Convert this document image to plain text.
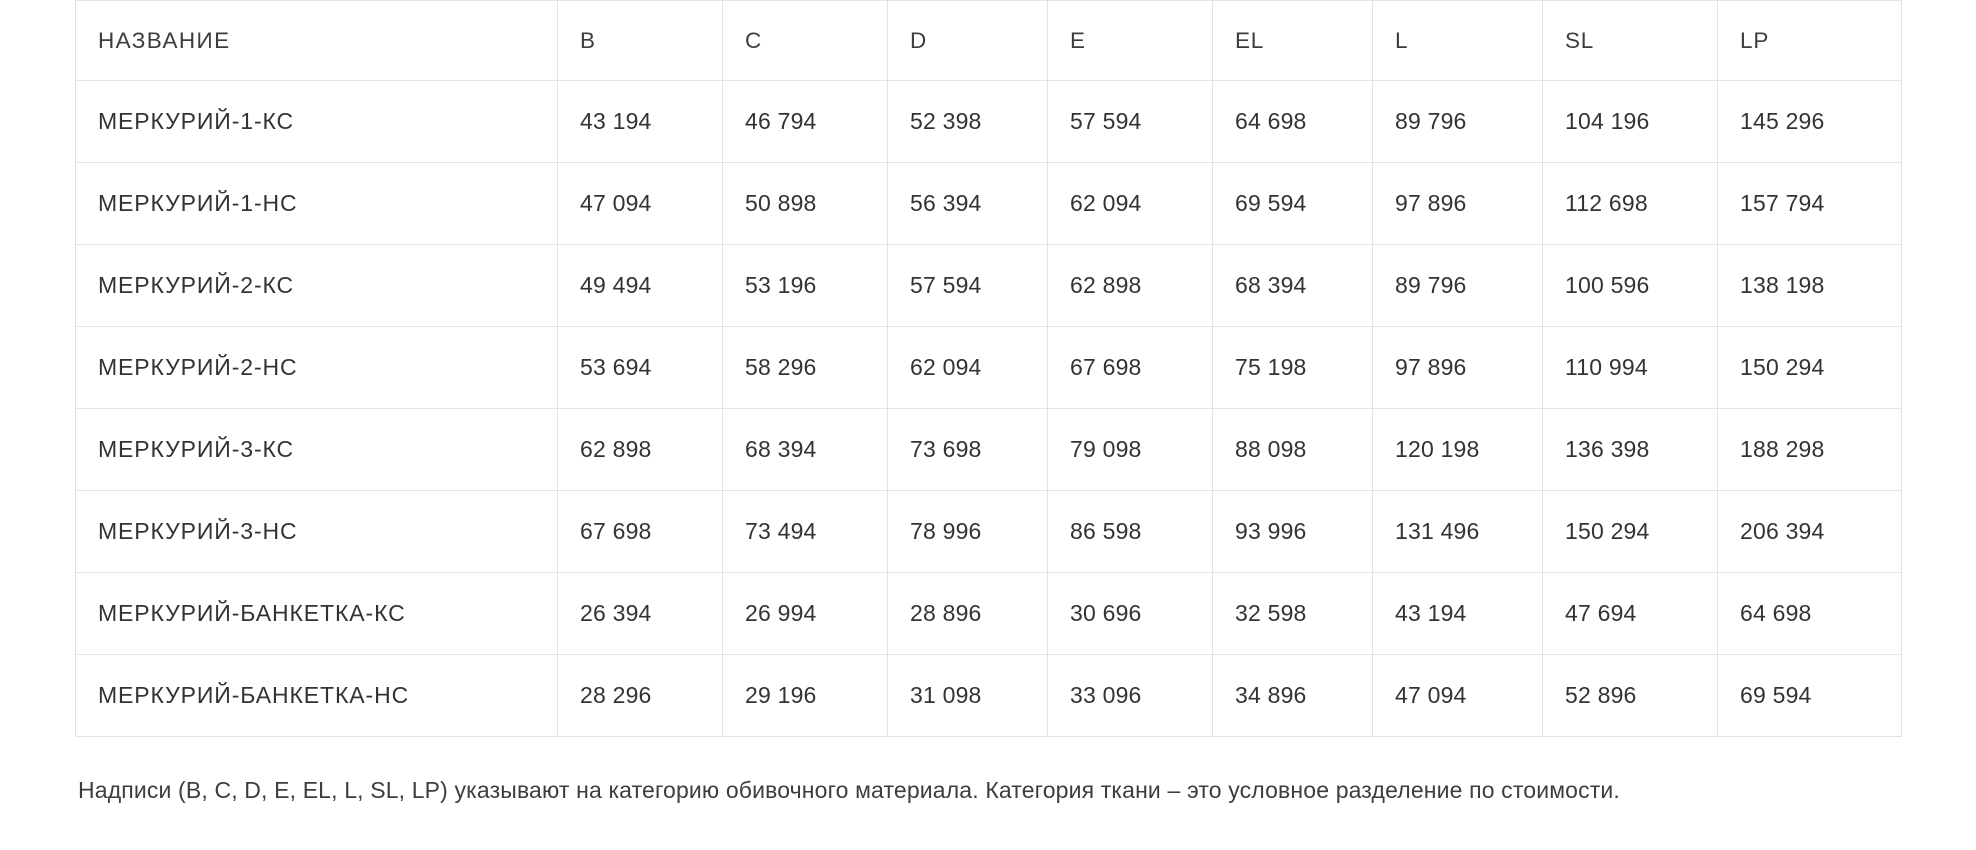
НАЗВАНИЕ	B	C	D	E	EL	L	SL	LP
МЕРКУРИЙ-1-КС	43 194	46 794	52 398	57 594	64 698	89 796	104 196	145 296
МЕРКУРИЙ-1-НС	47 094	50 898	56 394	62 094	69 594	97 896	112 698	157 794
МЕРКУРИЙ-2-КС	49 494	53 196	57 594	62 898	68 394	89 796	100 596	138 198
МЕРКУРИЙ-2-НС	53 694	58 296	62 094	67 698	75 198	97 896	110 994	150 294
МЕРКУРИЙ-3-КС	62 898	68 394	73 698	79 098	88 098	120 198	136 398	188 298
МЕРКУРИЙ-3-НС	67 698	73 494	78 996	86 598	93 996	131 496	150 294	206 394
МЕРКУРИЙ-БАНКЕТКА-КС	26 394	26 994	28 896	30 696	32 598	43 194	47 694	64 698
МЕРКУРИЙ-БАНКЕТКА-НС	28 296	29 196	31 098	33 096	34 896	47 094	52 896	69 594

Надписи (B, C, D, E, EL, L, SL, LP) указывают на категорию обивочного материала. Категория ткани – это условное разделение по стоимости.
